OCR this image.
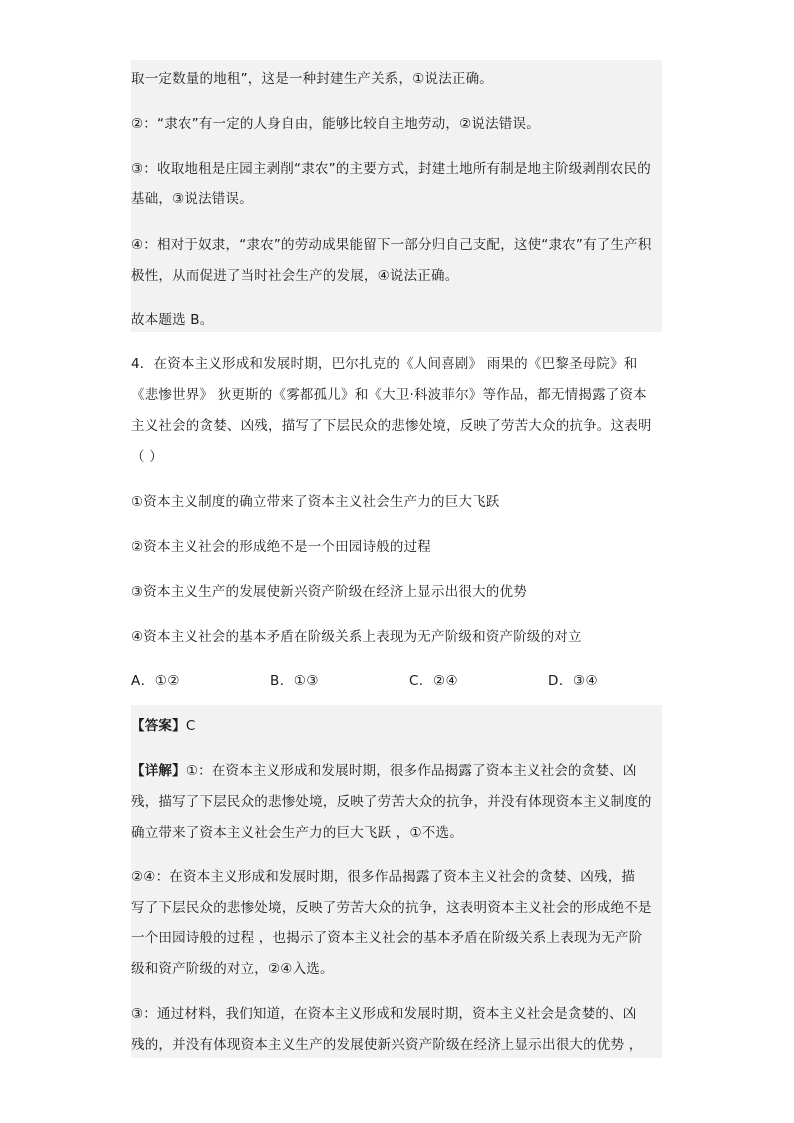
取一定数量的地租”，这是一种封建生产关系，①说法正确。
②：“隶农”有一定的人身自由，能够比较自主地劳动，②说法错误。
③：收取地租是庄园主剥削“隶农”的主要方式，封建土地所有制是地主阶级剥削农民的
基础，③说法错误。
④：相对于奴隶，“隶农”的劳动成果能留下一部分归自己支配，这使“隶农”有了生产积
极性，从而促进了当时社会生产的发展，④说法正确。
故本题选 B。
4．在资本主义形成和发展时期，巴尔扎克的《人间喜剧》 雨果的《巴黎圣母院》和
《悲惨世界》 狄更斯的《雾都孤儿》和《大卫·科波菲尔》等作品，都无情揭露了资本
主义社会的贪婪、凶残，描写了下层民众的悲惨处境，反映了劳苦大众的抗争。这表明
（ ）
①资本主义制度的确立带来了资本主义社会生产力的巨大飞跃
②资本主义社会的形成绝不是一个田园诗般的过程
③资本主义生产的发展使新兴资产阶级在经济上显示出很大的优势
④资本主义社会的基本矛盾在阶级关系上表现为无产阶级和资产阶级的对立
A．①②	B．①③	C．②④	D．③④
【答案】C
【详解】①：在资本主义形成和发展时期，很多作品揭露了资本主义社会的贪婪、凶
残，描写了下层民众的悲惨处境，反映了劳苦大众的抗争，并没有体现资本主义制度的
确立带来了资本主义社会生产力的巨大飞跃 ，①不选。
②④：在资本主义形成和发展时期，很多作品揭露了资本主义社会的贪婪、凶残，描
写了下层民众的悲惨处境，反映了劳苦大众的抗争，这表明资本主义社会的形成绝不是
一个田园诗般的过程 ，也揭示了资本主义社会的基本矛盾在阶级关系上表现为无产阶
级和资产阶级的对立，②④入选。
③：通过材料，我们知道，在资本主义形成和发展时期，资本主义社会是贪婪的、凶
残的，并没有体现资本主义生产的发展使新兴资产阶级在经济上显示出很大的优势 ，
